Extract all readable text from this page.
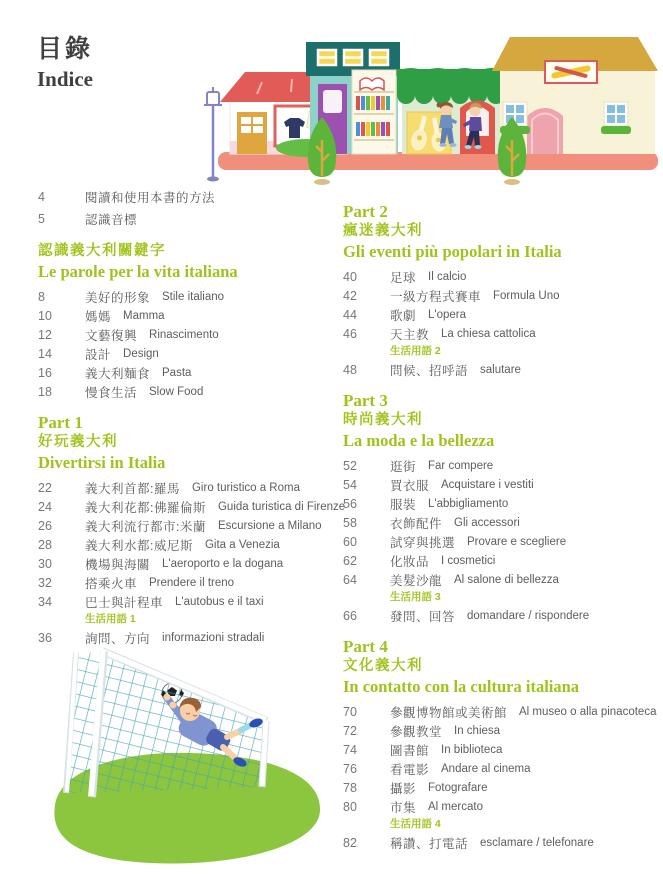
目錄
Indice
4	閱讀和使用本書的方法
5	認識音標
認識義大利關鍵字
Le parole per la vita italiana
8	美好的形象 Stile italiano
10	媽媽 Mamma
12	文藝復興 Rinascimento
14	設計 Design
16	義大利麵食 Pasta
18	慢食生活 Slow Food
Part 1
好玩義大利
Divertirsi in Italia
22	義大利首都:羅馬 Giro turistico a Roma
24	義大利花都:佛羅倫斯 Guida turistica di Firenze
26	義大利流行都市:米蘭 Escursione a Milano
28	義大利水都:威尼斯 Gita a Venezia
30	機場與海關 L'aeroporto e la dogana
32	搭乘火車 Prendere il treno
34	巴士與計程車 L'autobus e il taxi
生活用語 1
36	詢問、方向 informazioni stradali
Part 2
瘋迷義大利
Gli eventi più popolari in Italia
40	足球 Il calcio
42	一級方程式賽車 Formula Uno
44	歌劇 L'opera
46	天主教 La chiesa cattolica
生活用語 2
48	問候、招呼語 salutare
Part 3
時尚義大利
La moda e la bellezza
52	逛街 Far compere
54	買衣服 Acquistare i vestiti
56	服裝 L'abbigliamento
58	衣飾配件 Gli accessori
60	試穿與挑選 Provare e scegliere
62	化妝品 I cosmetici
64	美髮沙龍 Al salone di bellezza
生活用語 3
66	發問、回答 domandare / rispondere
Part 4
文化義大利
In contatto con la cultura italiana
70	參觀博物館或美術館 Al museo o alla pinacoteca
72	參觀教堂 In chiesa
74	圖書館 In biblioteca
76	看電影 Andare al cinema
78	攝影 Fotografare
80	市集 Al mercato
生活用語 4
82	稱讚、打電話 esclamare / telefonare
